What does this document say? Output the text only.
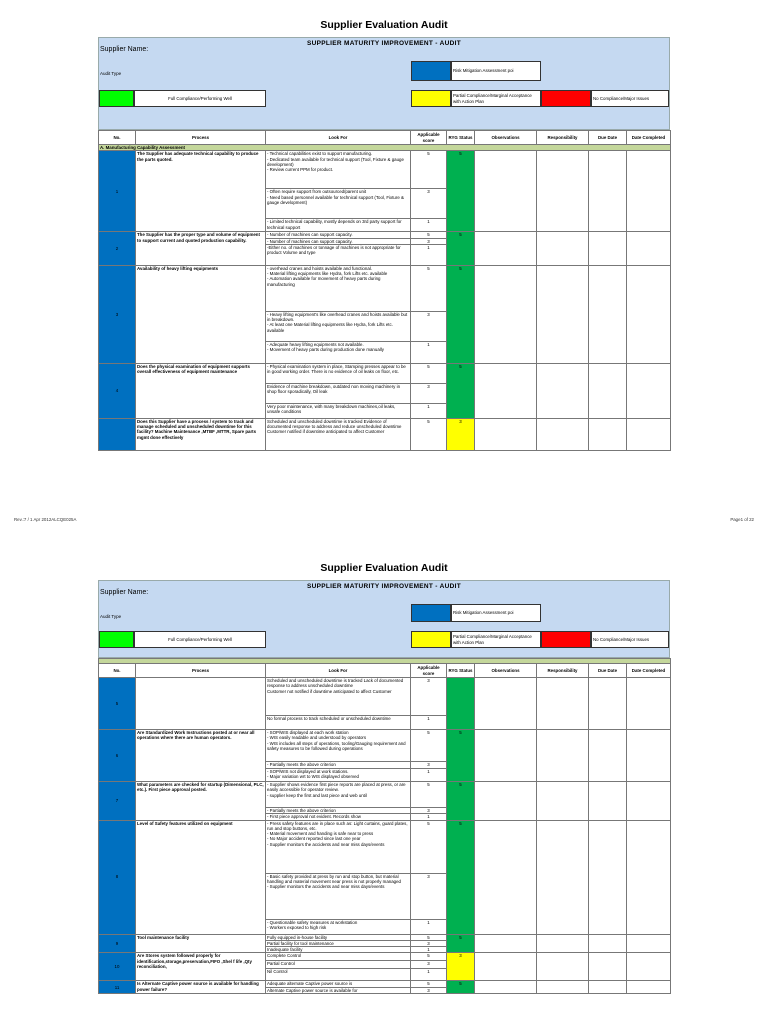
Supplier Evaluation Audit
SUPPLIER MATURITY IMPROVEMENT - AUDIT
Supplier Name:
Audit Type
Risk Mitigation Assessment poi
Full Compliance/Performing Well
Partial Compliance/Marginal Acceptance with Action Plan
No Compliance/Major Issues
No.	Process	Look For	Applicable score	RYG Status	Observations	Responsibility	Due Date	Date Completed
A. Manufacturing Capability Assessment								
1	The Supplier has adequate technical capability to produce the parts quoted.	- Technical capabilities exist to support manufacturing.
- Dedicated team available for technical support (Tool, Fixture & gauge development)
- Review current PPM for product.	5	5				
		- Often require support from outsourced/parent unit
- Need based personnel available for technical support (Tool, Fixture & gauge development)	3					
		- Limited technical capability, mostly depends on 3rd party support for technical support	1					
2	The Supplier has the proper type and volume of equipment to support current and quoted production capability.	- Number of machines can support capacity.	5	5				
		- Number of machines can support capacity.	3					
		-Either no. of machines or tonnage of machines is not appropriate for product Volume and type	1					
3	Availability of heavy lifting equipments	- overhead cranes and hoists available and functional.
- Material lifting equipments like Hydra, fork Lifts etc. available
- Automation available for movement of heavy parts during manufacturing	5	5				
		- Heavy lifting equipment's like overhead cranes and hoists available but in breakdown.
- At least one Material lifting equipments like Hydra, fork Lifts etc. available	3					
		- Adequate heavy lifting equipments not available.
- Movement of heavy parts during production done manually	1					
4	Does the physical examination of equipment supports overall effectiveness of equipment maintenance	- Physical examination system in place, Stamping presses appear to be in good working order. There is no evidence of oil leaks on floor, etc.	5	5				
		Evidence of machine breakdown, outdated non moving machinery in shop floor sporadically, Oil leak	3					
		Very poor maintenance, with many breakdown machines,oil leaks, unsafe conditions	1					
	Does this Supplier have a process / system to track and manage scheduled and unscheduled downtime for this facility? Machine Maintenance ,MTBF ,MTTR, Spare parts mgmt done effectively	Scheduled and unscheduled downtime is tracked Evidence of documented response to address and reduce unscheduled downtime
Customer notified if downtime anticipated to affect Customer	5	3				
Rev.:7 / 1 Apr 2012ALCQE025A	Page1 of 22
Supplier Evaluation Audit
SUPPLIER MATURITY IMPROVEMENT - AUDIT
Supplier Name:
Audit Type
Risk Mitigation Assessment poi
Full Compliance/Performing Well
Partial Compliance/Marginal Acceptance with Action Plan
No Compliance/Major Issues

No.	Process	Look For	Applicable score	RYG Status	Observations	Responsibility	Due Date	Date Completed
5		Scheduled and unscheduled downtime is tracked Lack of documented response to address unscheduled downtime
Customer not notified if downtime anticipated to affect Customer	3					
		No formal process to track scheduled or unscheduled downtime	1					
6	Are Standardized Work Instructions posted at or near all operations where there are human operators.	- SOP/WIS displayed at each work station
- WIS easily readable and understood by operators
- WIS includes all steps of operations, tooling/Gauging requirement and safety measures to be followed during operations	5	5				
		- Partially meets the above criterion	3					
		- SOP/WIS not displayed at work stations.
- Major variation wrt to WIS displayed observed	1					
7	What parameters are checked for startup (Dimensional, PLC, etc.). First piece approval posted.	- Supplier shows evidence first piece reports are placed at press, or are easily accessible for operator review.
- supplier keep the first and last piece and web until	5	5				
		- Partially meets the above criterion	3					
		- First piece approval not evident. Records show	1					
8	Level of Safety features utilized on equipment	- Press safety features are in place such as: Light curtains, guard plates, run and stop buttons, etc.
- Material movement and handing is safe near to press
- No Major accident reported since last one year
- Supplier monitors the accidents and near miss days/events	5	5				
		- Basic safety provided at press by run and stop button, but material handling and material movement near press is not properly managed
- Supplier monitors the accidents and near miss days/events	3					
		- Questionable safety measures at workstation
- Workers exposed to high risk	1					
9	Tool maintenance facility	Fully equipped in-house facility	5	5				
		Partial facility for tool maintenance	3					
		Inadequate facility	1					
10	Are Stores system followed properly for identification,storage,preservation,FIFO ,Shel f life ,Qty reconciliation,	Complete Control	5	3				
		Partial Control	3					
		Nil Control	1					
11	Is Alternate Captive power source is available for handling power failure?	Adequate alternate Captive power source is	5	5				
		Alternate Captive power source is available for	3					
